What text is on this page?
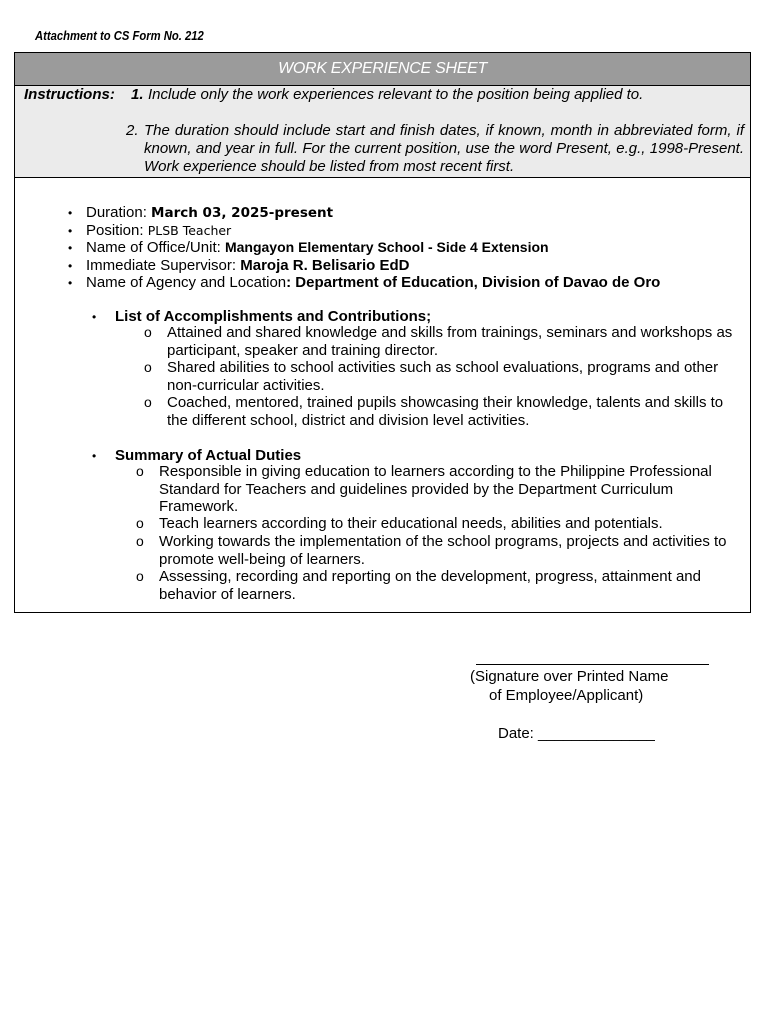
Attachment to CS Form No. 212
WORK EXPERIENCE SHEET
Instructions: 1. Include only the work experiences relevant to the position being applied to.
2. The duration should include start and finish dates, if known, month in abbreviated form, if known, and year in full. For the current position, use the word Present, e.g., 1998-Present. Work experience should be listed from most recent first.
• Duration: March 03, 2025-present
• Position: PLSB Teacher
• Name of Office/Unit: Mangayon Elementary School - Side 4 Extension
• Immediate Supervisor: Maroja R. Belisario EdD
• Name of Agency and Location: Department of Education, Division of Davao de Oro
• List of Accomplishments and Contributions;
o Attained and shared knowledge and skills from trainings, seminars and workshops as participant, speaker and training director.
o Shared abilities to school activities such as school evaluations, programs and other non-curricular activities.
o Coached, mentored, trained pupils showcasing their knowledge, talents and skills to the different school, district and division level activities.
• Summary of Actual Duties
o Responsible in giving education to learners according to the Philippine Professional Standard for Teachers and guidelines provided by the Department Curriculum Framework.
o Teach learners according to their educational needs, abilities and potentials.
o Working towards the implementation of the school programs, projects and activities to promote well-being of learners.
o Assessing, recording and reporting on the development, progress, attainment and behavior of learners.
(Signature over Printed Name
of Employee/Applicant)
Date: ______________
